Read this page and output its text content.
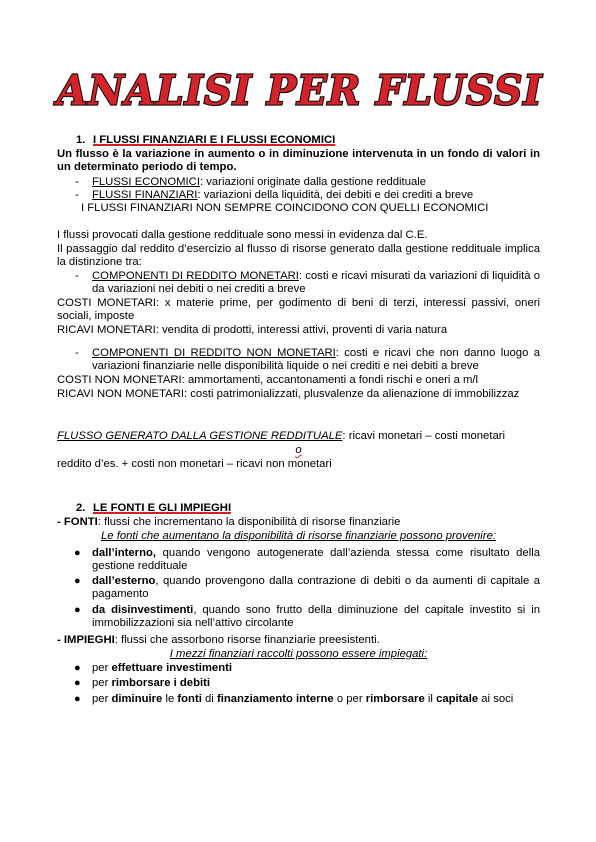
ANALISI PER FLUSSI
1. I FLUSSI FINANZIARI E I FLUSSI ECONOMICI
Un flusso è la variazione in aumento o in diminuzione intervenuta in un fondo di valori in un determinato periodo di tempo.
- FLUSSI ECONOMICI: variazioni originate dalla gestione reddituale
- FLUSSI FINANZIARI: variazioni della liquidità, dei debiti e dei crediti a breve
I FLUSSI FINANZIARI NON SEMPRE COINCIDONO CON QUELLI ECONOMICI
I flussi provocati dalla gestione reddituale sono messi in evidenza dal C.E.
Il passaggio dal reddito d’esercizio al flusso di risorse generato dalla gestione reddituale implica la distinzione tra:
- COMPONENTI DI REDDITO MONETARI: costi e ricavi misurati da variazioni di liquidità o da variazioni nei debiti o nei crediti a breve
COSTI MONETARI: x materie prime, per godimento di beni di terzi, interessi passivi, oneri sociali, imposte
RICAVI MONETARI: vendita di prodotti, interessi attivi, proventi di varia natura
- COMPONENTI DI REDDITO NON MONETARI: costi e ricavi che non danno luogo a variazioni finanziarie nelle disponibilità liquide o nei crediti e nei debiti a breve
COSTI NON MONETARI: ammortamenti, accantonamenti a fondi rischi e oneri a m/l
RICAVI NON MONETARI: costi patrimonializzati, plusvalenze da alienazione di immobilizzaz
FLUSSO GENERATO DALLA GESTIONE REDDITUALE: ricavi monetari – costi monetari
o
reddito d’es. + costi non monetari – ricavi non monetari
2. LE FONTI E GLI IMPIEGHI
- FONTI: flussi che incrementano la disponibilità di risorse finanziarie
Le fonti che aumentano la disponibilità di risorse finanziarie possono provenire:
● dall’interno, quando vengono autogenerate dall’azienda stessa come risultato della gestione reddituale
● dall’esterno, quando provengono dalla contrazione di debiti o da aumenti di capitale a pagamento
● da disinvestimenti, quando sono frutto della diminuzione del capitale investito si in immobilizzazioni sia nell’attivo circolante
- IMPIEGHI: flussi che assorbono risorse finanziarie preesistenti.
I mezzi finanziari raccolti possono essere impiegati:
● per effettuare investimenti
● per rimborsare i debiti
● per diminuire le fonti di finanziamento interne o per rimborsare il capitale ai soci
